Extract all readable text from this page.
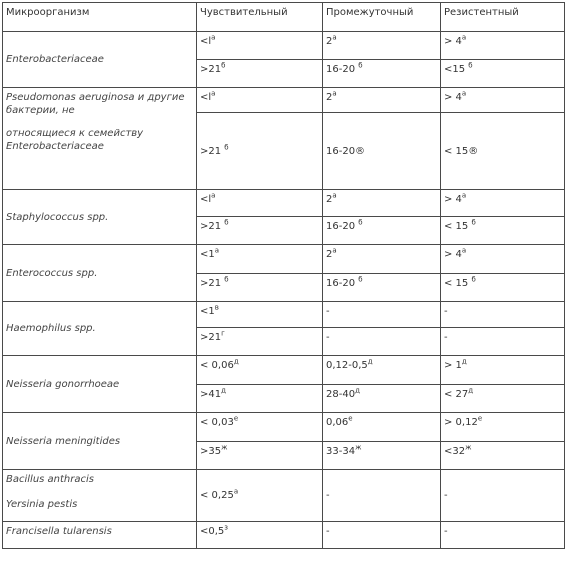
Микроорганизм	Чувствительный	Промежуточный	Резистентный

Enterobacteriaceae	$<l^а$	$2^а$	> $4^а$
	$>21^б$	16-20 $^б$	<15 $^б$

Pseudomonas aeruginosa и другие бактерии, не
относящиеся к семейству Enterobacteriaceae	$<l^а$	$2^а$	> $4^а$
	>21 $^б$	16-20®	< 15®

Staphylococcus spp.	$<l^а$	$2^а$	> $4^а$
	>21 $^б$	16-20 $^б$	< 15 $^б$

Enterococcus spp.	$<1^а$	$2^а$	> $4^а$
	>21 $^б$	16-20 $^б$	< 15 $^б$

Haemophilus spp.	$<1^в$	-	-
	$>21^г$	-	-

Neisseria gonorrhoeae	< $0,06^д$	$0,12-0,5^д$	> $1^д$
	$>41^д$	$28-40^д$	< $27^д$

Neisseria meningitides	< $0,03^е$	$0,06^е$	> $0,12^е$
	$>35^ж$	$33-34^ж$	$<32^ж$

Bacillus anthracis
Yersinia pestis	< $0,25^а$	-	-

Francisella tularensis	$<0,5^з$	-	-
